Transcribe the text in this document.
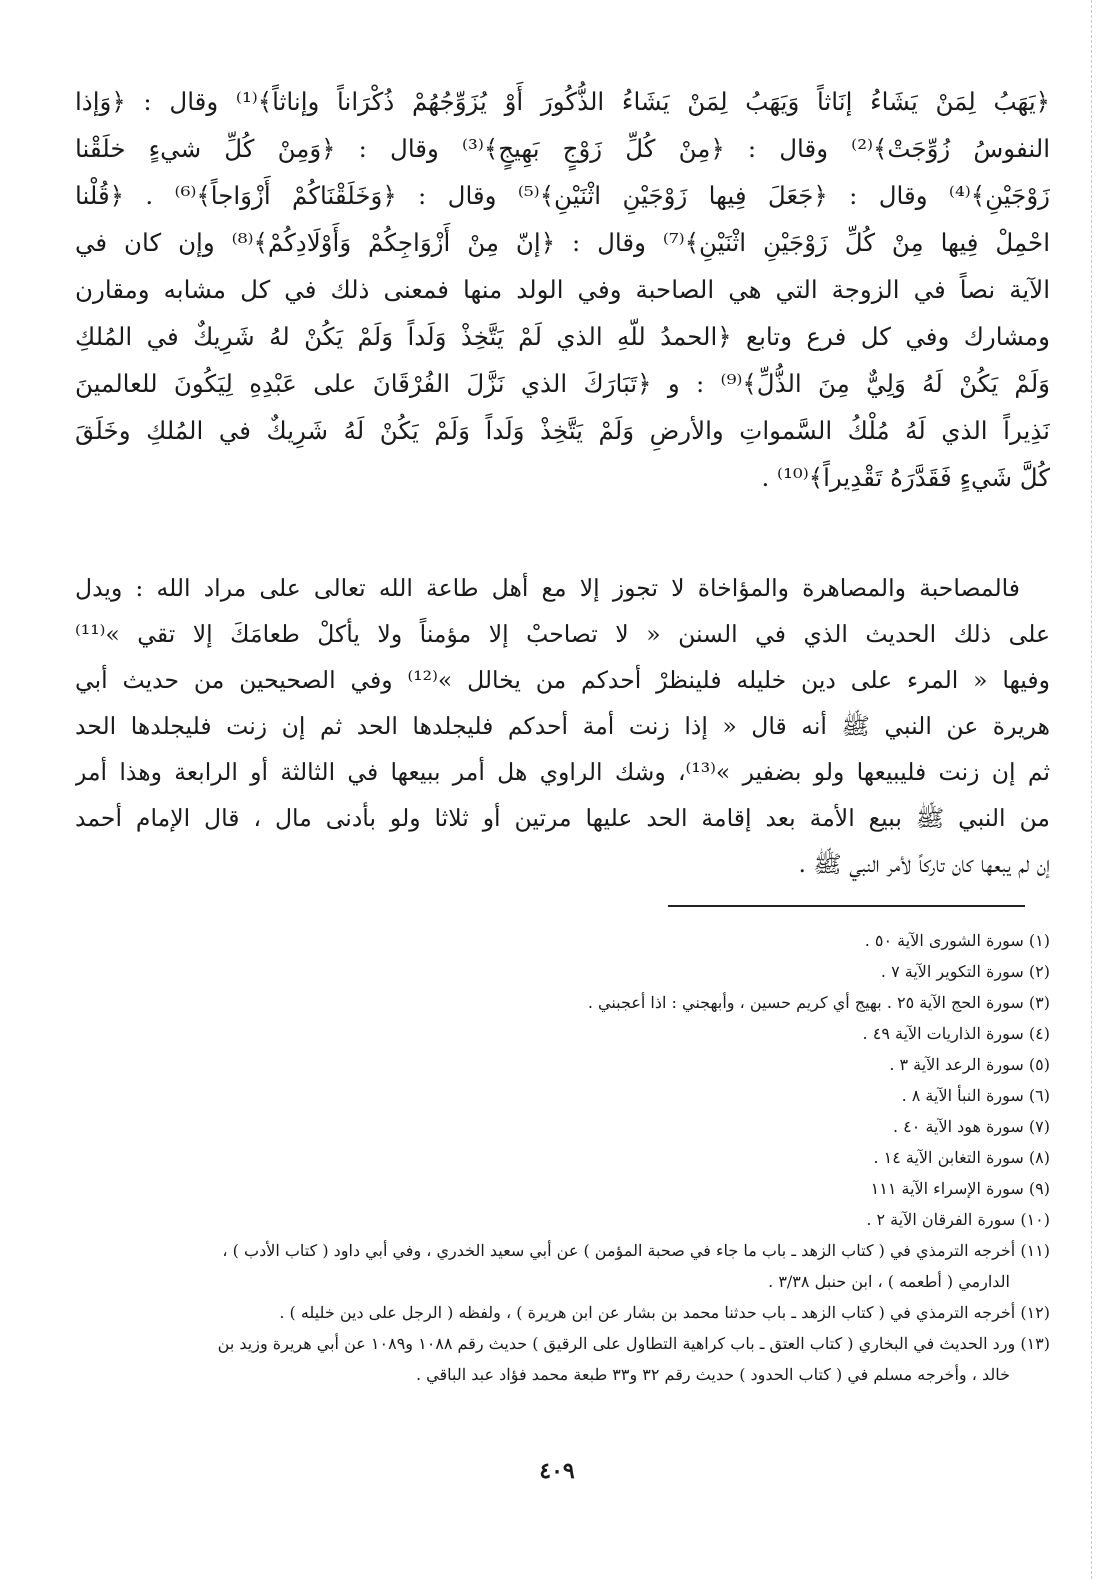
﴿يَهَبُ لِمَنْ يَشَاءُ إنَاثاً وَيَهَبُ لِمَنْ يَشَاءُ الذُّكُورَ أَوْ يُزَوِّجُهُمْ ذُكْرَاناً وإناثاً﴾⁽¹⁾ وقال : ﴿وَإذا
النفوسُ زُوِّجَتْ﴾⁽²⁾ وقال : ﴿مِنْ كُلِّ زَوْجٍ بَهِيجٍ﴾⁽³⁾ وقال : ﴿وَمِنْ كُلِّ شيءٍ خلَقْنا
زَوْجَيْنِ﴾⁽⁴⁾ وقال : ﴿جَعَلَ فِيها زَوْجَيْنِ اثْنَيْنِ﴾⁽⁵⁾ وقال : ﴿وَخَلَقْنَاكُمْ أَزْوَاجاً﴾⁽⁶⁾ . ﴿قُلْنا
احْمِلْ فِيها مِنْ كُلِّ زَوْجَيْنِ اثْنَيْنِ﴾⁽⁷⁾ وقال : ﴿إنّ مِنْ أَزْوَاجِكُمْ وَأَوْلَادِكُمْ﴾⁽⁸⁾ وإن كان في
الآية نصاً في الزوجة التي هي الصاحبة وفي الولد منها فمعنى ذلك في كل مشابه ومقارن
ومشارك وفي كل فرع وتابع ﴿الحمدُ للّهِ الذي لَمْ يَتَّخِذْ وَلَداً وَلَمْ يَكُنْ لهُ شَرِيكٌ في المُلكِ
وَلَمْ يَكُنْ لَهُ وَلِيٌّ مِنَ الذُّلِّ﴾⁽⁹⁾ : و ﴿تَبَارَكَ الذي نَزَّلَ الفُرْقَانَ على عَبْدِهِ لِيَكُونَ للعالمينَ
نَذِيراً الذي لَهُ مُلْكُ السَّمواتِ والأرضِ وَلَمْ يَتَّخِذْ وَلَداً وَلَمْ يَكُنْ لَهُ شَرِيكٌ في المُلكِ وخَلَقَ
كُلَّ شَيءٍ فَقَدَّرَهُ تَقْدِيراً﴾⁽¹⁰⁾ .
فالمصاحبة والمصاهرة والمؤاخاة لا تجوز إلا مع أهل طاعة الله تعالى على مراد الله : ويدل
على ذلك الحديث الذي في السنن « لا تصاحبْ إلا مؤمناً ولا يأكلْ طعامَكَ إلا تقي »⁽¹¹⁾
وفيها « المرء على دين خليله فلينظرْ أحدكم من يخالل »⁽¹²⁾ وفي الصحيحين من حديث أبي
هريرة عن النبي ﷺ أنه قال « إذا زنت أمة أحدكم فليجلدها الحد ثم إن زنت فليجلدها الحد
ثم إن زنت فليبيعها ولو بضفير »⁽¹³⁾، وشك الراوي هل أمر ببيعها في الثالثة أو الرابعة وهذا أمر
من النبي ﷺ ببيع الأمة بعد إقامة الحد عليها مرتين أو ثلاثا ولو بأدنى مال ، قال الإمام أحمد
إن لم يبعها كان تاركاً لأمر النبي ﷺ .
(١) سورة الشورى الآية ٥٠ .
(٢) سورة التكوير الآية ٧ .
(٣) سورة الحج الآية ٢٥ . بهيج أي كريم حسين ، وأبهجني : اذا أعجبني .
(٤) سورة الذاريات الآية ٤٩ .
(٥) سورة الرعد الآية ٣ .
(٦) سورة النبأ الآية ٨ .
(٧) سورة هود الآية ٤٠ .
(٨) سورة التغابن الآية ١٤ .
(٩) سورة الإسراء الآية ١١١
(١٠) سورة الفرقان الآية ٢ .
(١١) أخرجه الترمذي في ( كتاب الزهد ـ باب ما جاء في صحبة المؤمن ) عن أبي سعيد الخدري ، وفي أبي داود ( كتاب الأدب ) ،
الدارمي ( أطعمه ) ، ابن حنبل ٣/٣٨ .
(١٢) أخرجه الترمذي في ( كتاب الزهد ـ باب حدثنا محمد بن بشار عن ابن هريرة ) ، ولفظه ( الرجل على دين خليله ) .
(١٣) ورد الحديث في البخاري ( كتاب العتق ـ باب كراهية التطاول على الرقيق ) حديث رقم ١٠٨٨ و١٠٨٩ عن أبي هريرة وزيد بن
خالد ، وأخرجه مسلم في ( كتاب الحدود ) حديث رقم ٣٢ و٣٣ طبعة محمد فؤاد عبد الباقي .
٤٠٩
